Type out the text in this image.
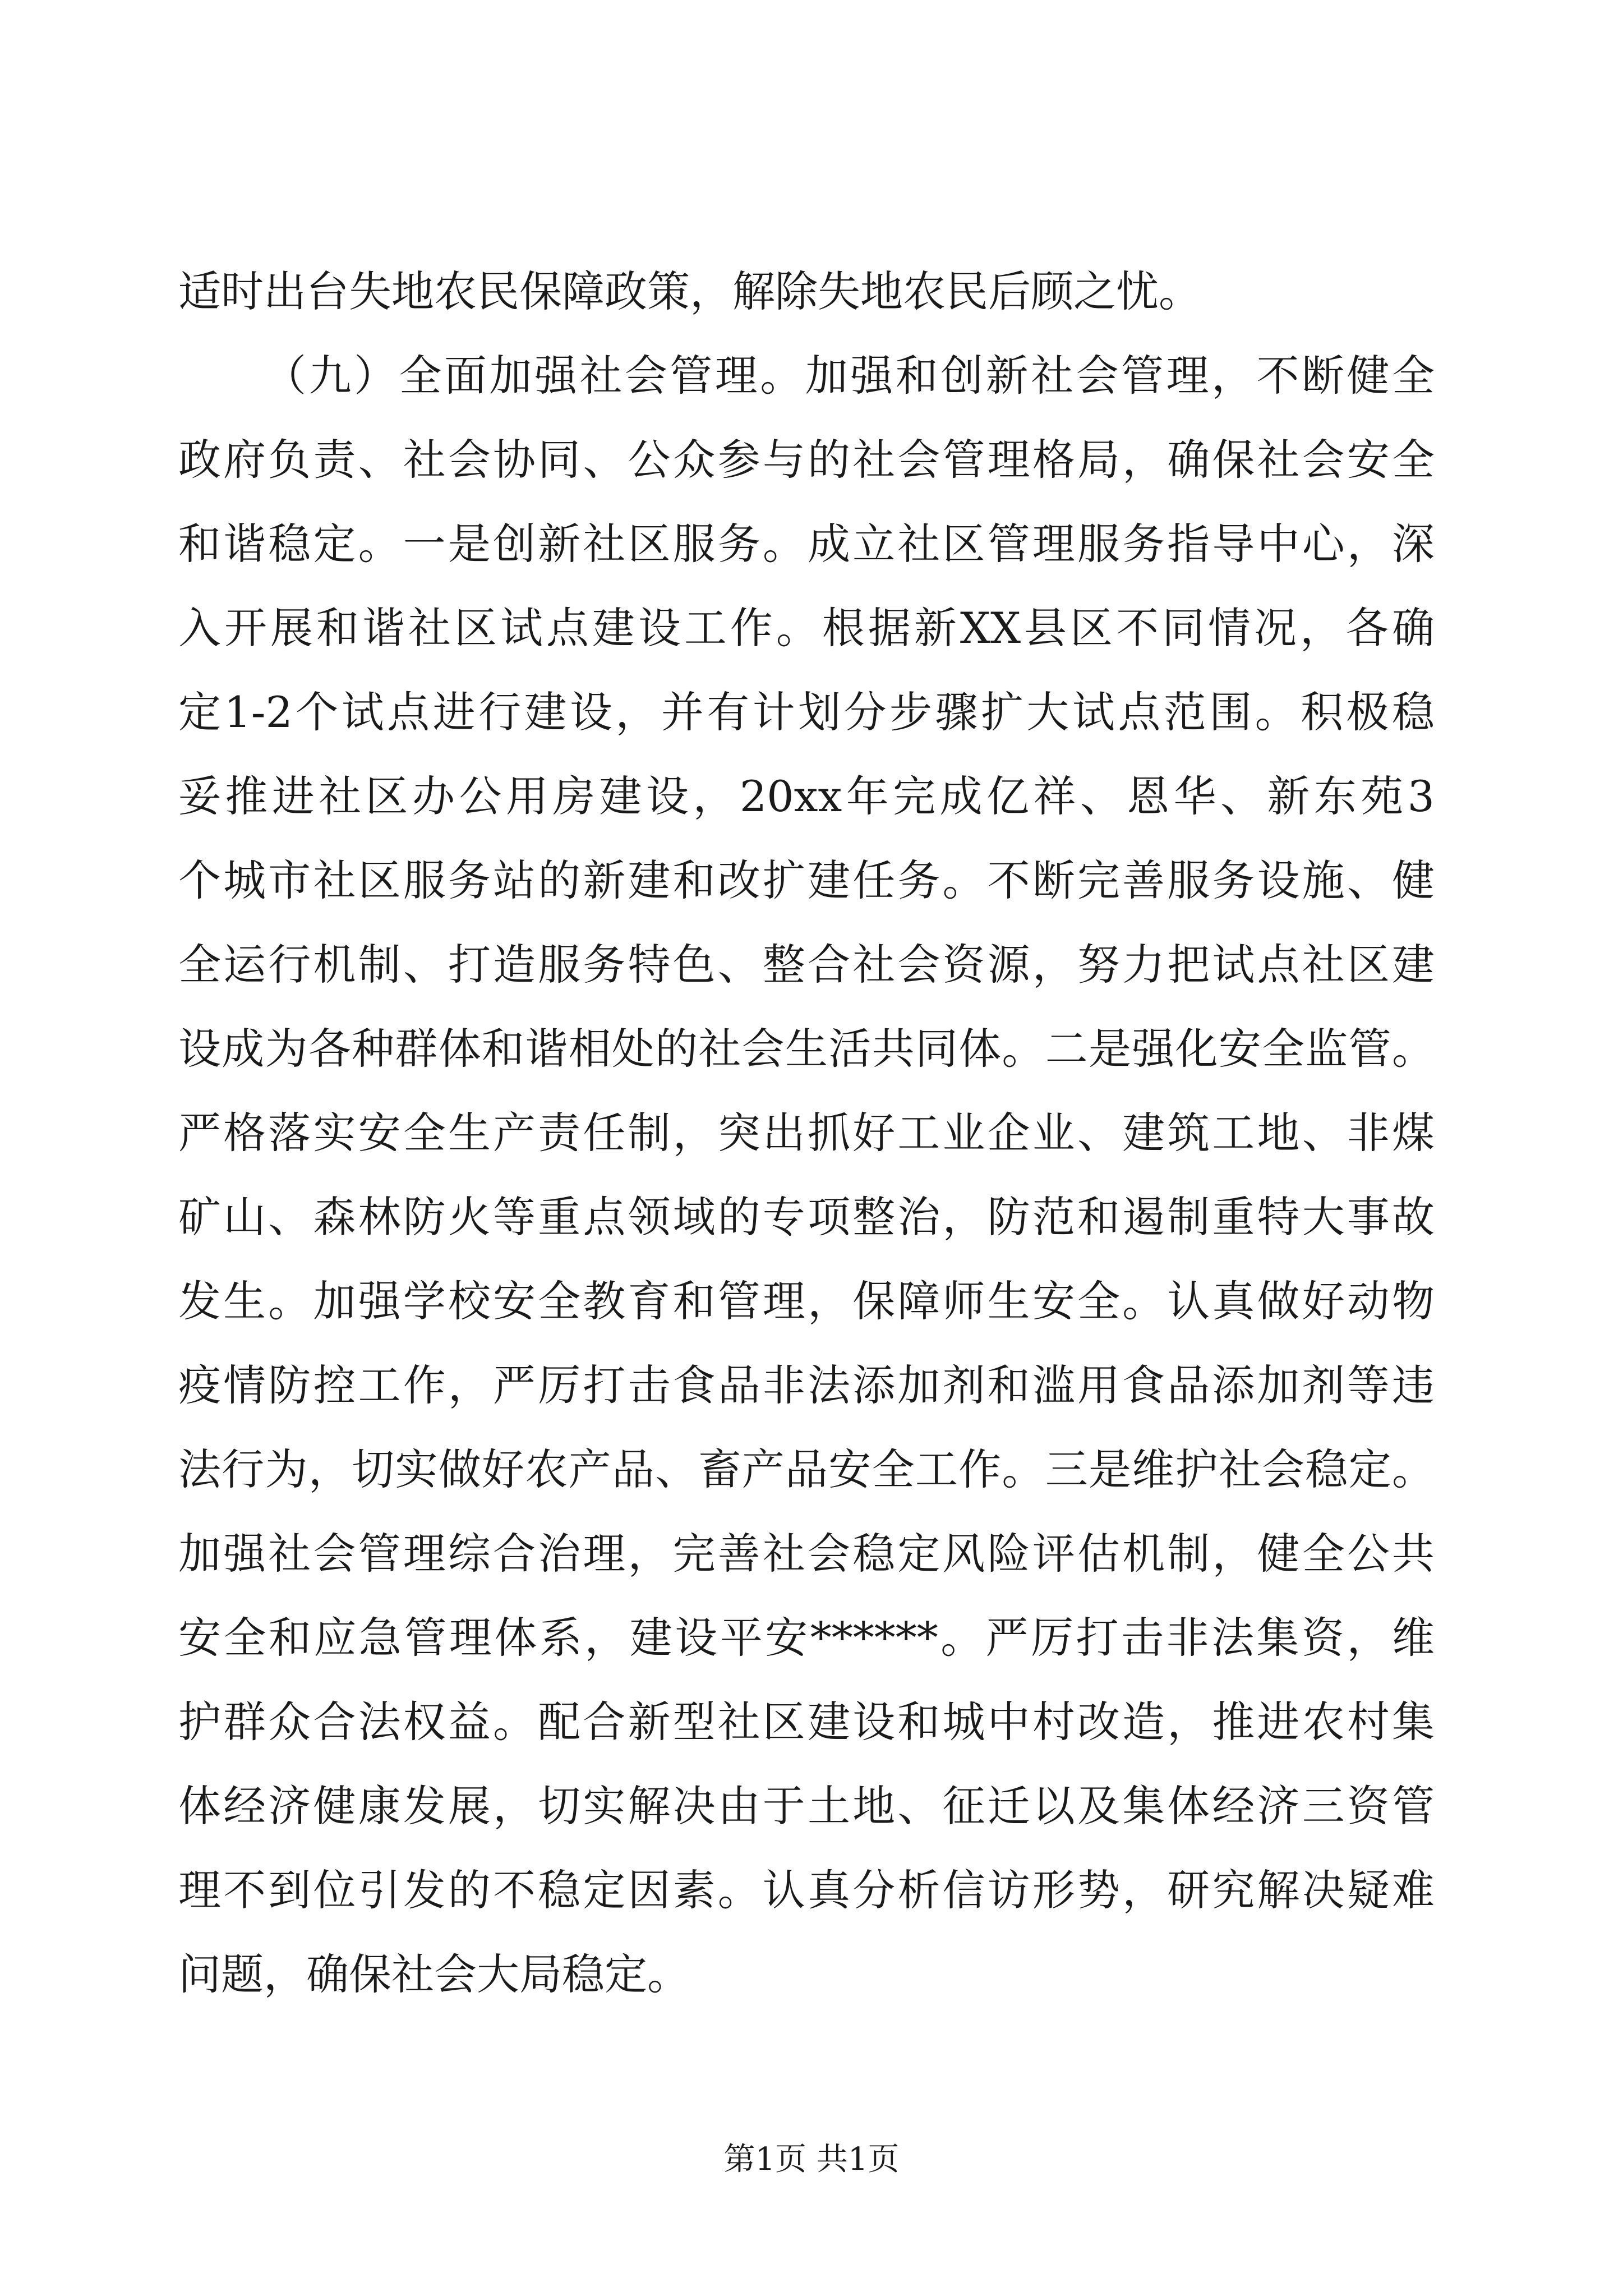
适时出台失地农民保障政策，解除失地农民后顾之忧。
（九）全面加强社会管理。加强和创新社会管理，不断健全
政府负责、社会协同、公众参与的社会管理格局，确保社会安全
和谐稳定。一是创新社区服务。成立社区管理服务指导中心，深
入开展和谐社区试点建设工作。根据新XX县区不同情况，各确
定1-2个试点进行建设，并有计划分步骤扩大试点范围。积极稳
妥推进社区办公用房建设，20xx年完成亿祥、恩华、新东苑3
个城市社区服务站的新建和改扩建任务。不断完善服务设施、健
全运行机制、打造服务特色、整合社会资源，努力把试点社区建
设成为各种群体和谐相处的社会生活共同体。二是强化安全监管。
严格落实安全生产责任制，突出抓好工业企业、建筑工地、非煤
矿山、森林防火等重点领域的专项整治，防范和遏制重特大事故
发生。加强学校安全教育和管理，保障师生安全。认真做好动物
疫情防控工作，严厉打击食品非法添加剂和滥用食品添加剂等违
法行为，切实做好农产品、畜产品安全工作。三是维护社会稳定。
加强社会管理综合治理，完善社会稳定风险评估机制，健全公共
安全和应急管理体系，建设平安******。严厉打击非法集资，维
护群众合法权益。配合新型社区建设和城中村改造，推进农村集
体经济健康发展，切实解决由于土地、征迁以及集体经济三资管
理不到位引发的不稳定因素。认真分析信访形势，研究解决疑难
问题，确保社会大局稳定。
第1页 共1页
